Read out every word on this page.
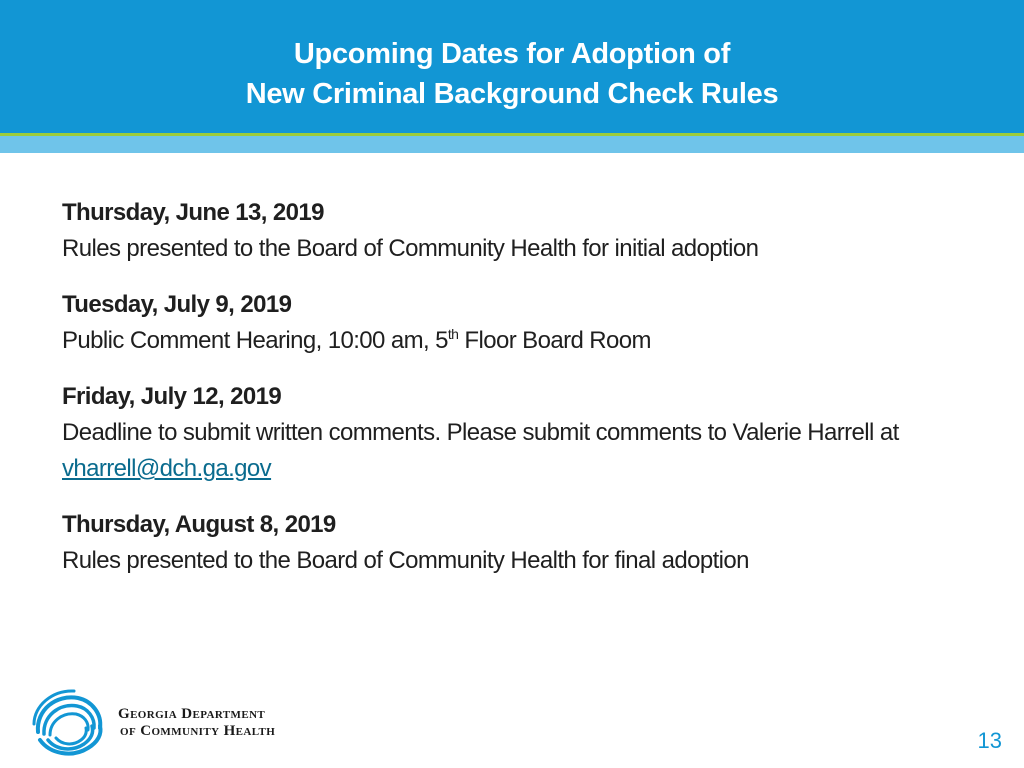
Upcoming Dates for Adoption of
New Criminal Background Check Rules
Thursday, June 13, 2019
Rules presented to the Board of Community Health for initial adoption
Tuesday, July 9, 2019
Public Comment Hearing, 10:00 am, 5th Floor Board Room
Friday, July 12, 2019
Deadline to submit written comments. Please submit comments to Valerie Harrell at
vharrell@dch.ga.gov
Thursday, August 8, 2019
Rules presented to the Board of Community Health for final adoption
Georgia Department
of Community Health	13
